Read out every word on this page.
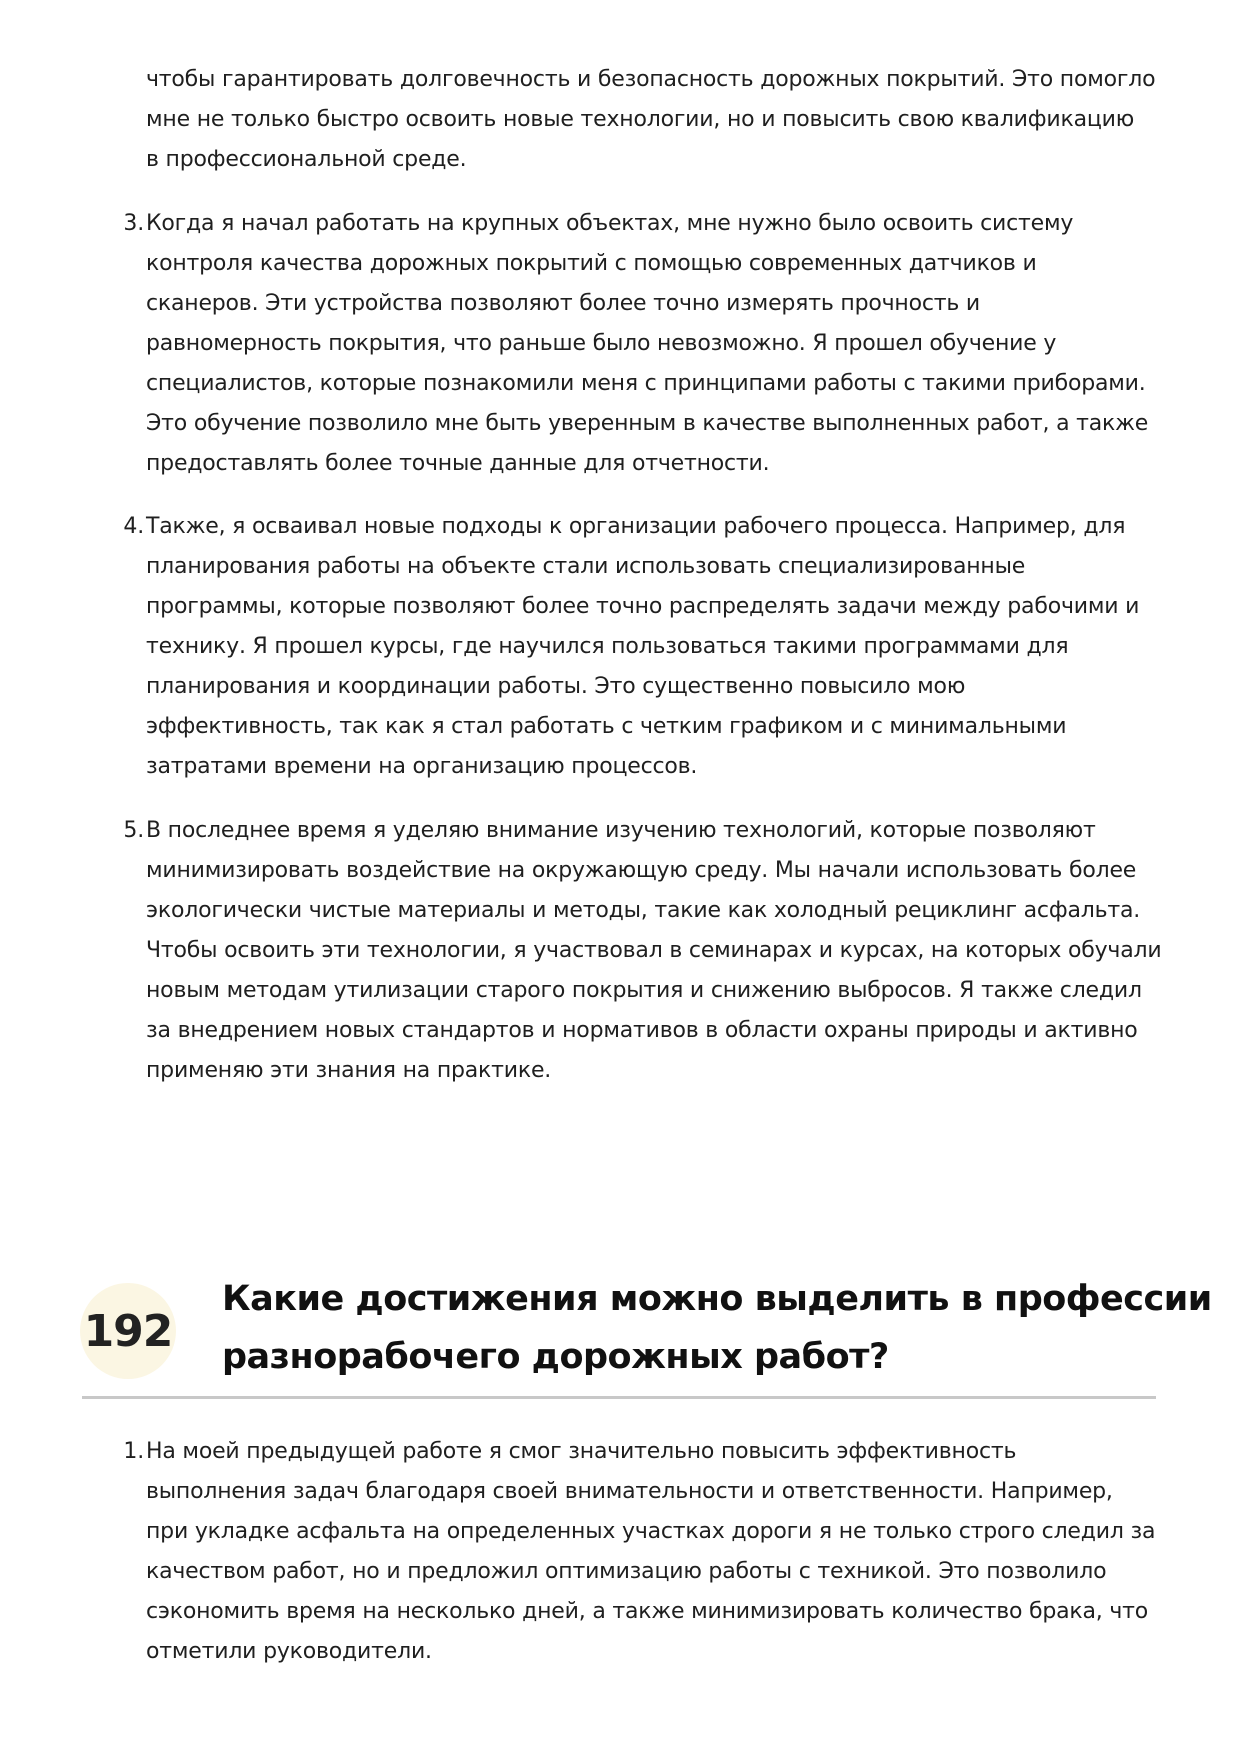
чтобы гарантировать долговечность и безопасность дорожных покрытий. Это помогло
мне не только быстро освоить новые технологии, но и повысить свою квалификацию
в профессиональной среде.
3. Когда я начал работать на крупных объектах, мне нужно было освоить систему
контроля качества дорожных покрытий с помощью современных датчиков и
сканеров. Эти устройства позволяют более точно измерять прочность и
равномерность покрытия, что раньше было невозможно. Я прошел обучение у
специалистов, которые познакомили меня с принципами работы с такими приборами.
Это обучение позволило мне быть уверенным в качестве выполненных работ, а также
предоставлять более точные данные для отчетности.
4. Также, я осваивал новые подходы к организации рабочего процесса. Например, для
планирования работы на объекте стали использовать специализированные
программы, которые позволяют более точно распределять задачи между рабочими и
технику. Я прошел курсы, где научился пользоваться такими программами для
планирования и координации работы. Это существенно повысило мою
эффективность, так как я стал работать с четким графиком и с минимальными
затратами времени на организацию процессов.
5. В последнее время я уделяю внимание изучению технологий, которые позволяют
минимизировать воздействие на окружающую среду. Мы начали использовать более
экологически чистые материалы и методы, такие как холодный рециклинг асфальта.
Чтобы освоить эти технологии, я участвовал в семинарах и курсах, на которых обучали
новым методам утилизации старого покрытия и снижению выбросов. Я также следил
за внедрением новых стандартов и нормативов в области охраны природы и активно
применяю эти знания на практике.
192
Какие достижения можно выделить в профессии
разнорабочего дорожных работ?
1. На моей предыдущей работе я смог значительно повысить эффективность
выполнения задач благодаря своей внимательности и ответственности. Например,
при укладке асфальта на определенных участках дороги я не только строго следил за
качеством работ, но и предложил оптимизацию работы с техникой. Это позволило
сэкономить время на несколько дней, а также минимизировать количество брака, что
отметили руководители.
